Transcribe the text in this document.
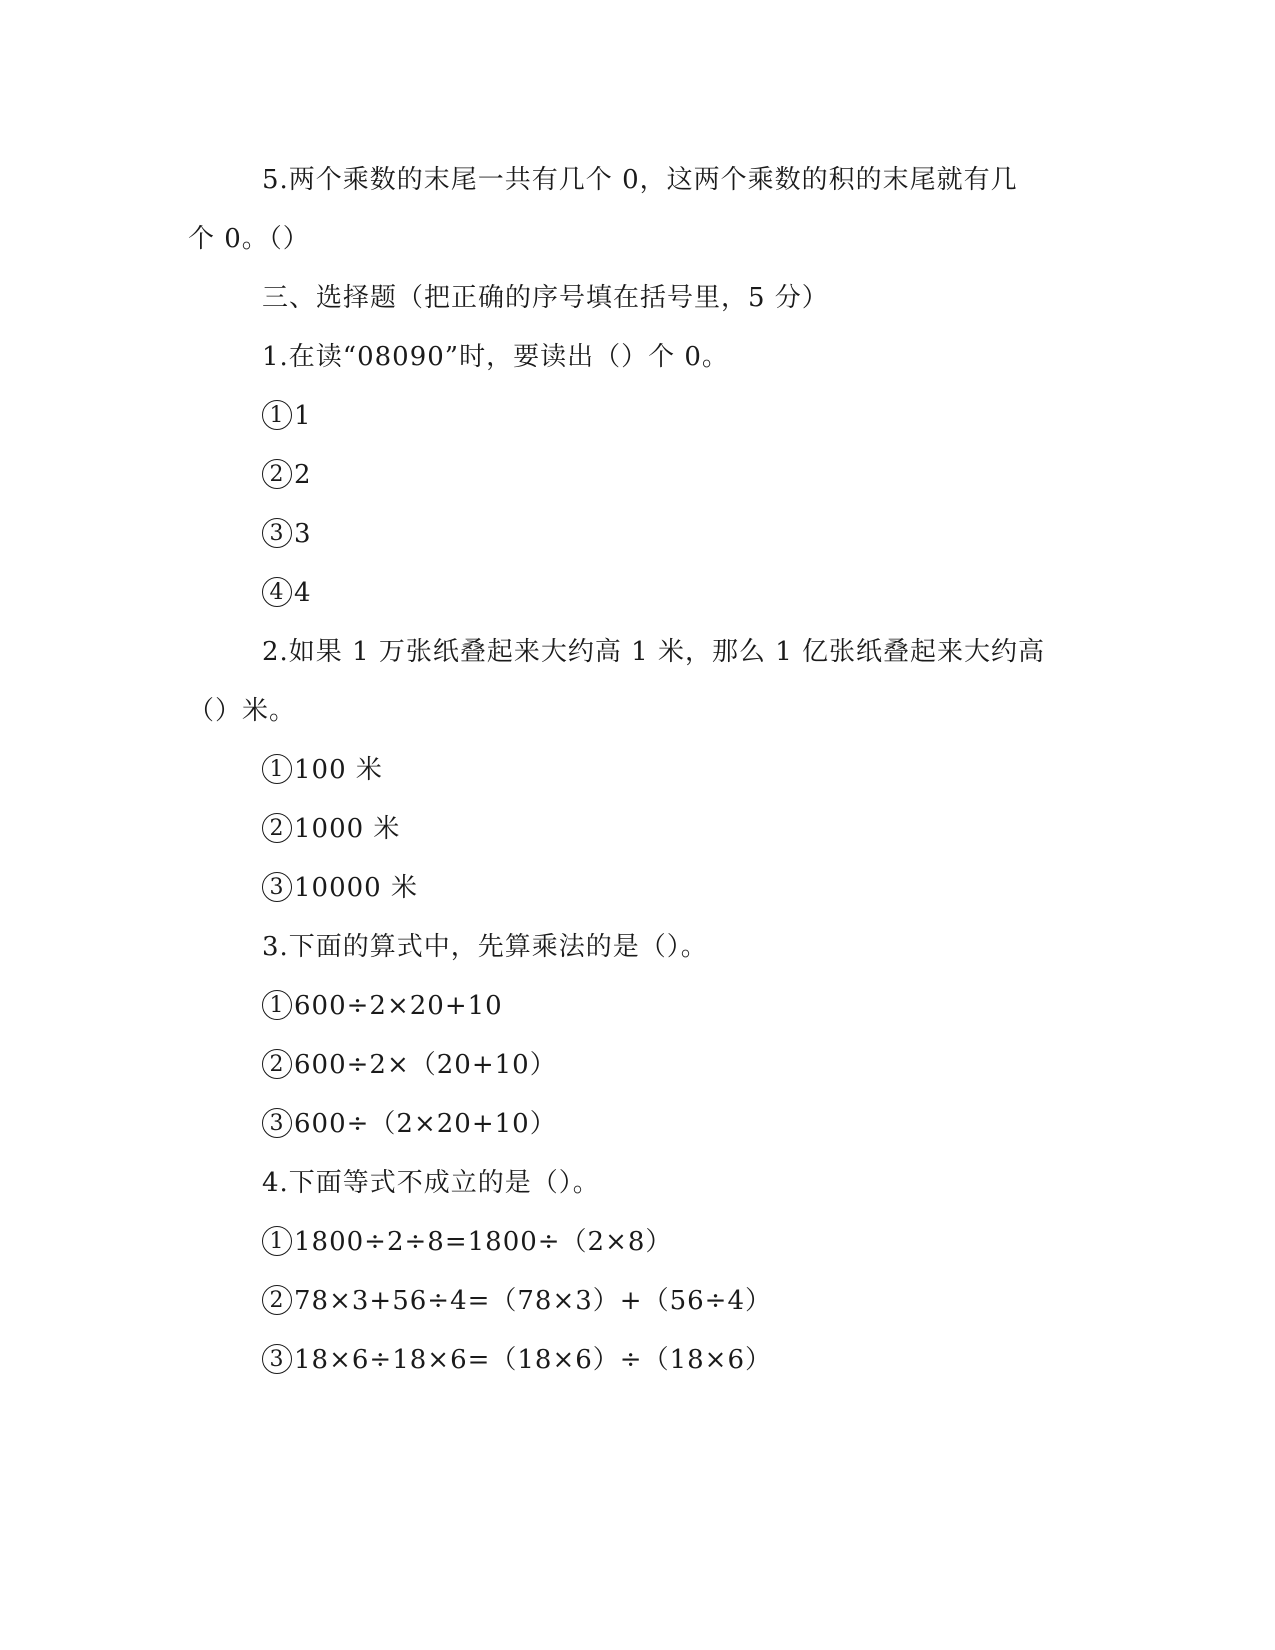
5.两个乘数的末尾一共有几个 0，这两个乘数的积的末尾就有几
个 0。（）
三、选择题（把正确的序号填在括号里，5 分）
1.在读“08090”时，要读出（）个 0。
1 1
2 2
3 3
4 4
2.如果 1 万张纸叠起来大约高 1 米，那么 1 亿张纸叠起来大约高
（）米。
1 100 米
2 1000 米
3 10000 米
3.下面的算式中，先算乘法的是（）。
1 600÷2×20+10
2 600÷2×（20+10）
3 600÷（2×20+10）
4.下面等式不成立的是（）。
1 1800÷2÷8=1800÷（2×8）
2 78×3+56÷4=（78×3）+（56÷4）
3 18×6÷18×6=（18×6）÷（18×6）
